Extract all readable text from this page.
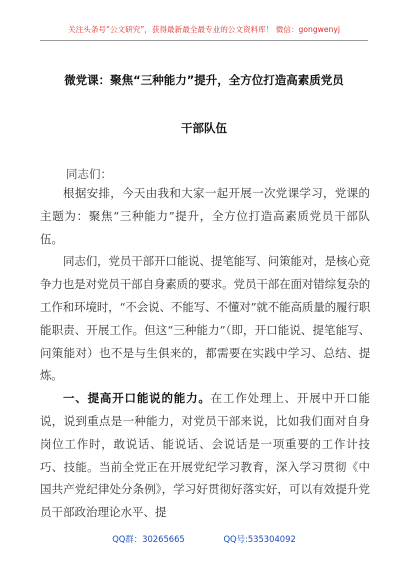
关注头条号“公文研究”，获得最新最全最专业的公文资料库！ 微信：gongwenyj
微党课：聚焦“三种能力”提升，全方位打造高素质党员
干部队伍
同志们：

根据安排，今天由我和大家一起开展一次党课学习，党课的主题为：聚焦“三种能力”提升，全方位打造高素质党员干部队伍。

同志们，党员干部开口能说、提笔能写、问策能对，是核心竞争力也是对党员干部自身素质的要求。党员干部在面对错综复杂的工作和环境时，“不会说、不能写、不懂对”就不能高质量的履行职能职责、开展工作。但这“三种能力”（即，开口能说、提笔能写、问策能对）也不是与生俱来的，都需要在实践中学习、总结、提炼。

一、提高开口能说的能力。在工作处理上、开展中开口能说，说到重点是一种能力，对党员干部来说，比如我们面对自身岗位工作时，敢说话、能说话、会说话是一项重要的工作计技巧、技能。当前全党正在开展党纪学习教育，深入学习贯彻《中国共产党纪律处分条例》，学习好贯彻好落实好，可以有效提升党员干部政治理论水平、提

QQ群：30265665	QQ号:535304092
